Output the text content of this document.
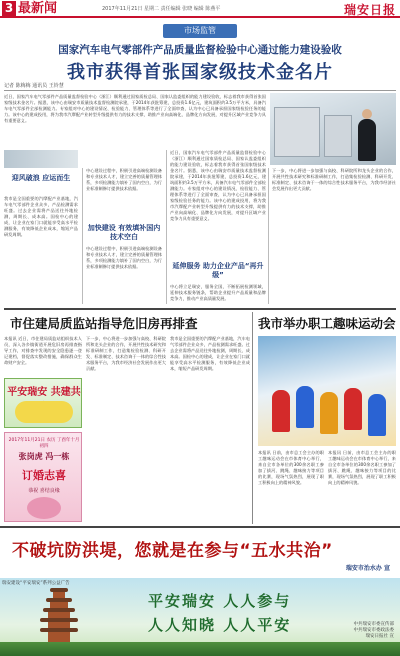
3 最新闻	2017年11月21日 星期二 责任编辑 张晓 编辑 陈燕平	瑞安日报
市场监管
国家汽车电气零部件产品质量监督检验中心通过能力建设验收
我市获得首张国家级技术金名片
记者 陈梅梅 通讯员 王铃慧
近日，国家汽车电气零部件产品质量监督检验中心（浙江）顺利通过国家质检总局、国家认监委组织的能力建设验收，标志着我市获得首张国家级技术金名片。据悉，该中心由瑞安市质量技术监督检测院承建，于2014年获批筹建，总投资1.6亿元，建筑面积约3.5万平方米，具备汽车电气零部件全部检测能力。专家组对中心的建设情况、检验能力、管理体系等进行了全面审查，认为中心已具备承担国家级检验任务的能力。该中心的建成投用，将为我市汽摩配产业转型升级提供有力的技术支撑，助推产业向高端化、品牌化方向发展，对提升区域产业竞争力具有重要意义。
迎风破浪 应运而生
我市是全国重要的汽摩配产业基地，汽车电气零部件企业众多，产品检测需求旺盛。过去企业需将产品送往外地检测，周期长、成本高。国检中心的建成，让企业在家门口就能享受高水平检测服务，有效降低企业成本，缩短产品研发周期。
中心建设过程中，积极引进高端检测设备和专业技术人才，建立完善的质量管理体系，多项检测能力填补了国内空白，为行业标准制修订提供技术依据。
加快建设 有效填补国内技术空白
中心建设过程中，积极引进高端检测设备和专业技术人才，建立完善的质量管理体系，多项检测能力填补了国内空白，为行业标准制修订提供技术依据。
近日，国家汽车电气零部件产品质量监督检验中心（浙江）顺利通过国家质检总局、国家认监委组织的能力建设验收，标志着我市获得首张国家级技术金名片。据悉，该中心由瑞安市质量技术监督检测院承建，于2014年获批筹建，总投资1.6亿元，建筑面积约3.5万平方米，具备汽车电气零部件全部检测能力。专家组对中心的建设情况、检验能力、管理体系等进行了全面审查，认为中心已具备承担国家级检验任务的能力。该中心的建成投用，将为我市汽摩配产业转型升级提供有力的技术支撑，助推产业向高端化、品牌化方向发展，对提升区域产业竞争力具有重要意义。
延伸服务 助力企业产品“再升级”
中心将立足瑞安，服务全国，不断拓展检测领域，延伸技术服务链条，帮助企业提升产品质量和品牌竞争力，推动产业高质量发展。
下一步，中心将进一步加强与高校、科研院所和龙头企业的合作，开展共性技术研究和标准研制工作，打造集检验检测、科研开发、标准制定、技术咨询于一体的综合性技术服务平台，为我市经济社会发展作出更大贡献。
市住建局质监站指导危旧房再排查
本报讯 近日，市住建局质监站组织技术人员，深入各乡镇街道开展危旧房再排查指导工作，对排查中发现的安全隐患逐一登记建档，督促落实整改措施，确保群众生命财产安全。
下一步，中心将进一步加强与高校、科研院所和龙头企业的合作，开展共性技术研究和标准研制工作，打造集检验检测、科研开发、标准制定、技术咨询于一体的综合性技术服务平台，为我市经济社会发展作出更大贡献。
我市是全国重要的汽摩配产业基地，汽车电气零部件企业众多，产品检测需求旺盛。过去企业需将产品送往外地检测，周期长、成本高。国检中心的建成，让企业在家门口就能享受高水平检测服务，有效降低企业成本，缩短产品研发周期。
平安瑞安 共建共
2017年11月21日 农历 丁酉年十月初四
张岗虎 冯一栋
订婚志喜
恭祝 喜结良缘
我市举办职工趣味运动会
本报讯 日前，由市总工会主办的职工趣味运动会在市体育中心举行，来自全市各单位的300余名职工参加了拔河、跳绳、趣味接力等项目的比赛，现场气氛热烈，展现了职工积极向上的精神风貌。
本报讯 日前，由市总工会主办的职工趣味运动会在市体育中心举行，来自全市各单位的300余名职工参加了拔河、跳绳、趣味接力等项目的比赛，现场气氛热烈，展现了职工积极向上的精神风貌。
不破坑防洪堤，您就是在参与“五水共治”
瑞安市治水办 宣
瑞安建设“平安瑞安”系列公益广告
平安瑞安 人人参与
人人知晓 人人平安	中共瑞安市委宣传部
中共瑞安市委政法委
瑞安日报社 宣
